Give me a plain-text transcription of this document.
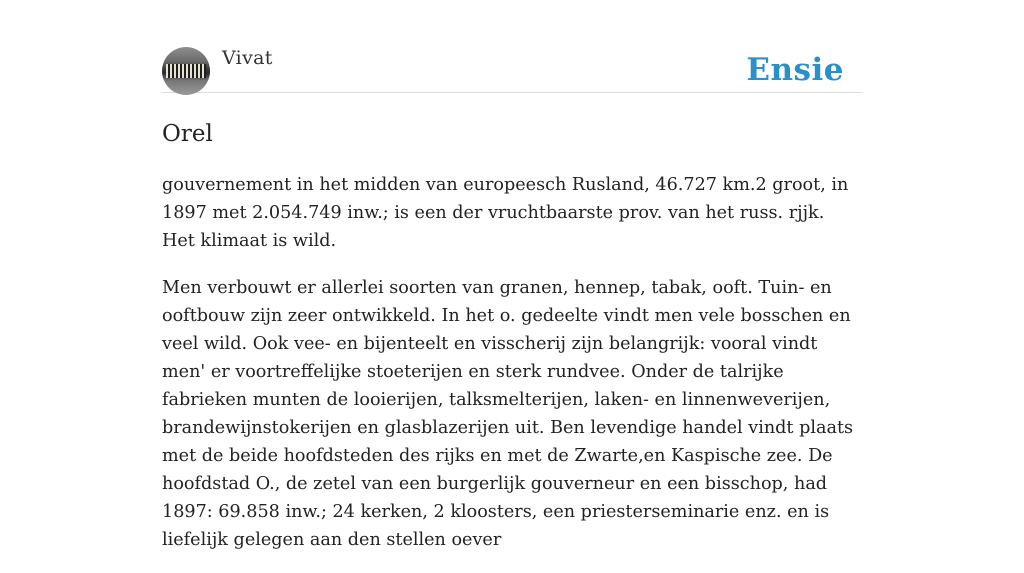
Vivat	Ensie
Orel

gouvernement in het midden van europeesch Rusland, 46.727 km.2 groot, in 1897 met 2.054.749 inw.; is een der vruchtbaarste prov. van het russ. rjjk. Het klimaat is wild.

Men verbouwt er allerlei soorten van granen, hennep, tabak, ooft. Tuin- en ooftbouw zijn zeer ontwikkeld. In het o. gedeelte vindt men vele bosschen en veel wild. Ook vee- en bijenteelt en visscherij zijn belangrijk: vooral vindt men' er voortreffelijke stoeterijen en sterk rundvee. Onder de talrijke fabrieken munten de looierijen, talksmelterijen, laken- en linnenweverijen, brandewijnstokerijen en glasblazerijen uit. Ben levendige handel vindt plaats met de beide hoofdsteden des rijks en met de Zwarte,en Kaspische zee. De hoofdstad O., de zetel van een burgerlijk gouverneur en een bisschop, had 1897: 69.858 inw.; 24 kerken, 2 kloosters, een priesterseminarie enz. en is liefelijk gelegen aan den stellen oever
